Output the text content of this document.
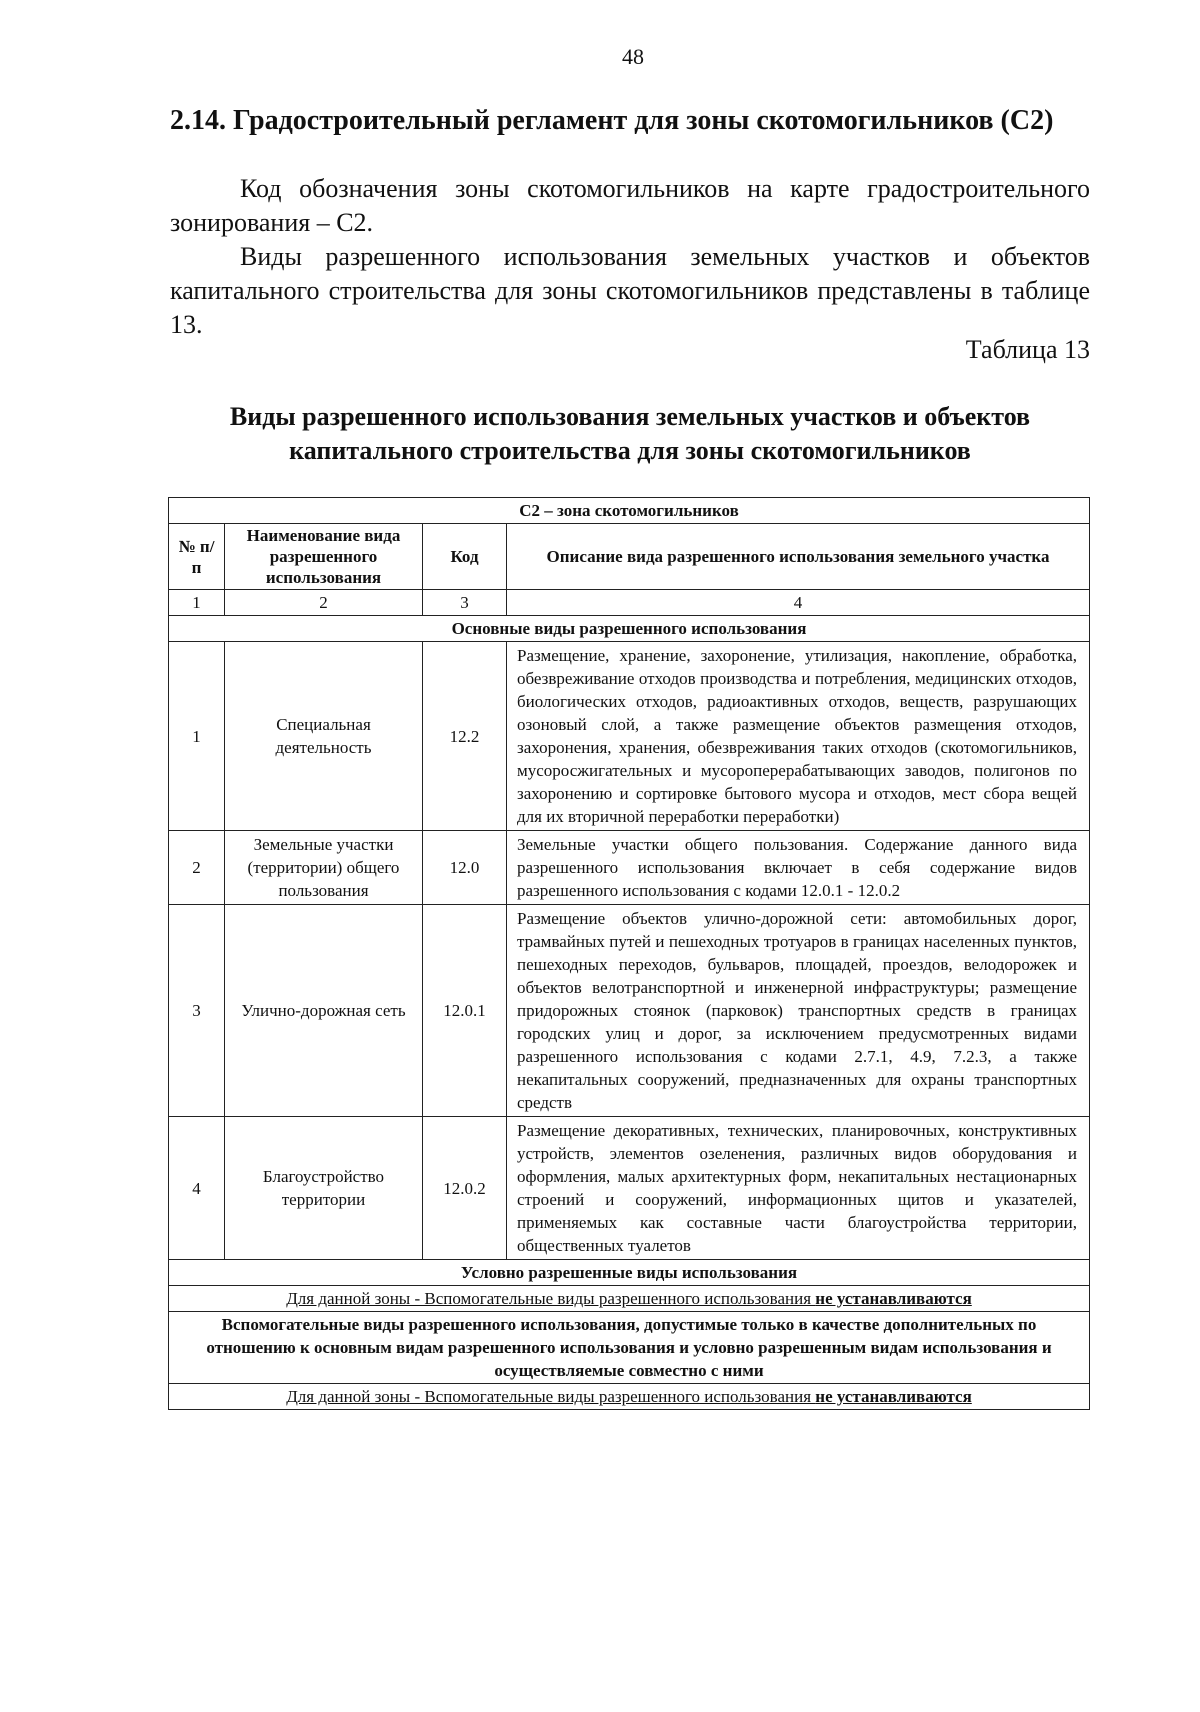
48
2.14. Градостроительный регламент для зоны скотомогильников (С2)
Код обозначения зоны скотомогильников на карте градостроительного зонирования – С2.
Виды разрешенного использования земельных участков и объектов капитального строительства для зоны скотомогильников представлены в таблице 13.
Таблица 13
Виды разрешенного использования земельных участков и объектов капитального строительства для зоны скотомогильников
С2 – зона скотомогильников			
№ п/п	Наименование вида разрешенного использования	Код	Описание вида разрешенного использования земельного участка
1	2	3	4
Основные виды разрешенного использования			
1	Специальная деятельность	12.2	Размещение, хранение, захоронение, утилизация, накопление, обработка, обезвреживание отходов производства и потребления, медицинских отходов, биологических отходов, радиоактивных отходов, веществ, разрушающих озоновый слой, а также размещение объектов размещения отходов, захоронения, хранения, обезвреживания таких отходов (скотомогильников, мусоросжигательных и мусороперерабатывающих заводов, полигонов по захоронению и сортировке бытового мусора и отходов, мест сбора вещей для их вторичной переработки переработки)
2	Земельные участки (территории) общего пользования	12.0	Земельные участки общего пользования. Содержание данного вида разрешенного использования включает в себя содержание видов разрешенного использования с кодами 12.0.1 - 12.0.2
3	Улично-дорожная сеть	12.0.1	Размещение объектов улично-дорожной сети: автомобильных дорог, трамвайных путей и пешеходных тротуаров в границах населенных пунктов, пешеходных переходов, бульваров, площадей, проездов, велодорожек и объектов велотранспортной и инженерной инфраструктуры; размещение придорожных стоянок (парковок) транспортных средств в границах городских улиц и дорог, за исключением предусмотренных видами разрешенного использования с кодами 2.7.1, 4.9, 7.2.3, а также некапитальных сооружений, предназначенных для охраны транспортных средств
4	Благоустройство территории	12.0.2	Размещение декоративных, технических, планировочных, конструктивных устройств, элементов озеленения, различных видов оборудования и оформления, малых архитектурных форм, некапитальных нестационарных строений и сооружений, информационных щитов и указателей, применяемых как составные части благоустройства территории, общественных туалетов
Условно разрешенные виды использования			
Для данной зоны - Вспомогательные виды разрешенного использования не устанавливаются			
Вспомогательные виды разрешенного использования, допустимые только в качестве дополнительных по отношению к основным видам разрешенного использования и условно разрешенным видам использования и осуществляемые совместно с ними			
Для данной зоны - Вспомогательные виды разрешенного использования не устанавливаются			
